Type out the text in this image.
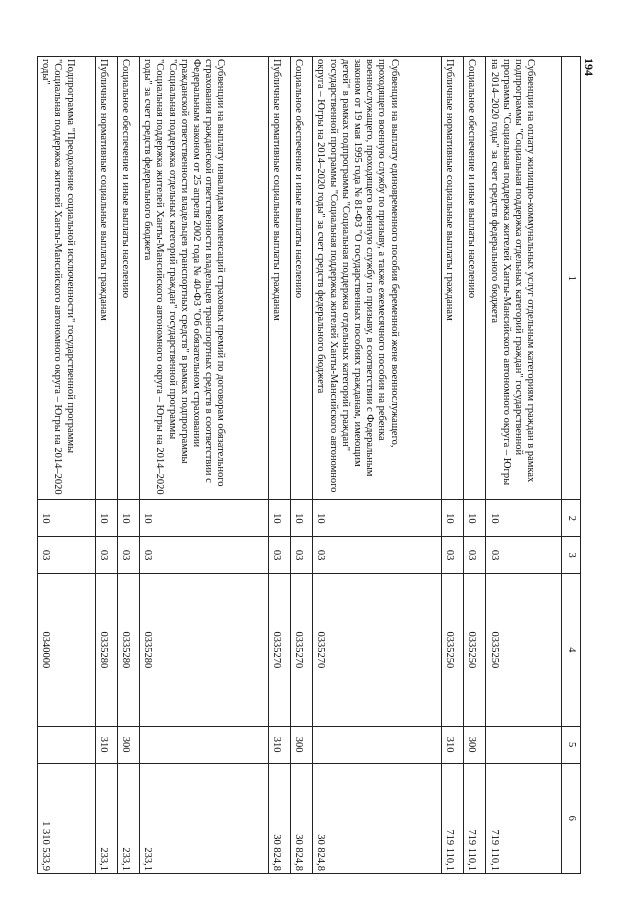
194
1	2	3	4	5	6
Субвенции на оплату жилищно-коммунальных услуг отдельным категориям граждан в рамках подпрограммы "Социальная поддержка отдельных категорий граждан" государственной программы "Социальная поддержка жителей Ханты-Мансийского автономного округа – Югры на 2014–2020 годы" за счет средств федерального бюджета	10	03	0335250		719 110,1
Социальное обеспечение и иные выплаты населению	10	03	0335250	300	719 110,1
Публичные нормативные социальные выплаты гражданам	10	03	0335250	310	719 110,1
Субвенции на выплату единовременного пособия беременной жене военнослужащего, проходящего военную службу по призыву, а также ежемесячного пособия на ребенка военнослужащего, проходящего военную службу по призыву, в соответствии с Федеральным законом от 19 мая 1995 года № 81-ФЗ "О государственных пособиях гражданам, имеющим детей" в рамках подпрограммы "Социальная поддержка отдельных категорий граждан" государственной программы "Социальная поддержка жителей Ханты-Мансийского автономного округа – Югры на 2014–2020 годы" за счет средств федерального бюджета	10	03	0335270		30 824,8
Социальное обеспечение и иные выплаты населению	10	03	0335270	300	30 824,8
Публичные нормативные социальные выплаты гражданам	10	03	0335270	310	30 824,8
Субвенции на выплату инвалидам компенсаций страховых премий по договорам обязательного страхования гражданской ответственности владельцев транспортных средств в соответствии с Федеральным законом от 25 апреля 2002 года № 40-ФЗ "Об обязательном страховании гражданской ответственности владельцев транспортных средств" в рамках подпрограммы "Социальная поддержка отдельных категорий граждан" государственной программы "Социальная поддержка жителей Ханты-Мансийского автономного округа – Югры на 2014–2020 годы" за счет средств федерального бюджета	10	03	0335280		233,1
Социальное обеспечение и иные выплаты населению	10	03	0335280	300	233,1
Публичные нормативные социальные выплаты гражданам	10	03	0335280	310	233,1
Подпрограмма "Преодоление социальной исключенности" государственной программы "Социальная поддержка жителей Ханты-Мансийского автономного округа – Югры на 2014–2020 годы"	10	03	0340000		1 310 533,9
